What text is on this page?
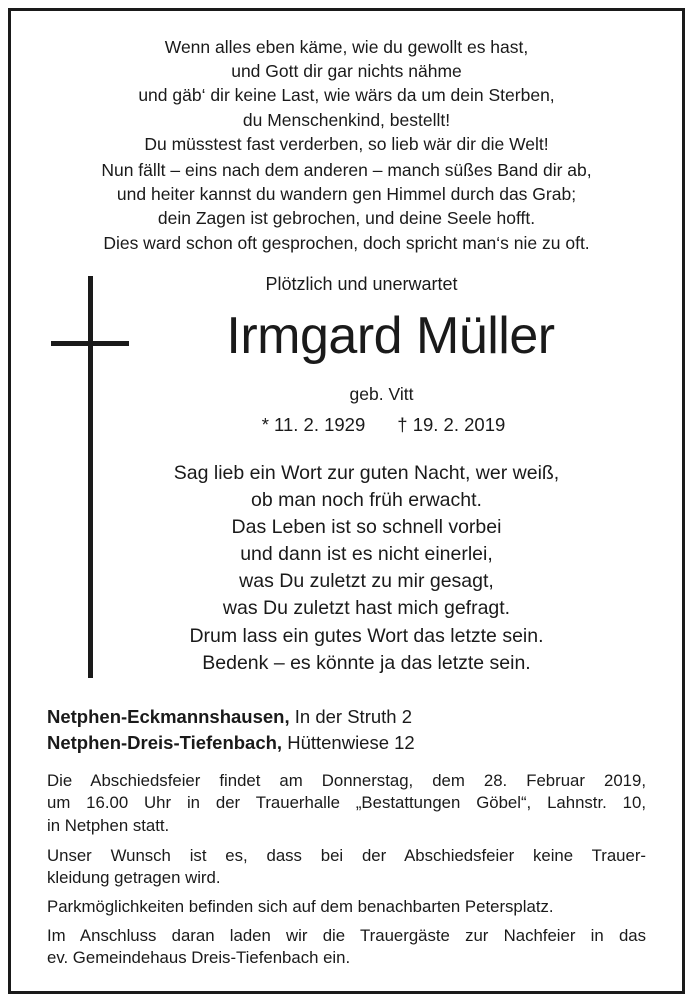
Wenn alles eben käme, wie du gewollt es hast,
und Gott dir gar nichts nähme
und gäb‘ dir keine Last, wie wärs da um dein Sterben,
du Menschenkind, bestellt!
Du müsstest fast verderben, so lieb wär dir die Welt!
Nun fällt – eins nach dem anderen – manch süßes Band dir ab,
und heiter kannst du wandern gen Himmel durch das Grab;
dein Zagen ist gebrochen, und deine Seele hofft.
Dies ward schon oft gesprochen, doch spricht man‘s nie zu oft.
Plötzlich und unerwartet
Irmgard Müller
geb. Vitt
* 11. 2. 1929 † 19. 2. 2019
Sag lieb ein Wort zur guten Nacht, wer weiß,
ob man noch früh erwacht.
Das Leben ist so schnell vorbei
und dann ist es nicht einerlei,
was Du zuletzt zu mir gesagt,
was Du zuletzt hast mich gefragt.
Drum lass ein gutes Wort das letzte sein.
Bedenk – es könnte ja das letzte sein.
Netphen-Eckmannshausen, In der Struth 2
Netphen-Dreis-Tiefenbach, Hüttenwiese 12
Die Abschiedsfeier findet am Donnerstag, dem 28. Februar 2019,
um 16.00 Uhr in der Trauerhalle „Bestattungen Göbel“, Lahnstr. 10,
in Netphen statt.
Unser Wunsch ist es, dass bei der Abschiedsfeier keine Trauer-
kleidung getragen wird.
Parkmöglichkeiten befinden sich auf dem benachbarten Petersplatz.
Im Anschluss daran laden wir die Trauergäste zur Nachfeier in das
ev. Gemeindehaus Dreis-Tiefenbach ein.
